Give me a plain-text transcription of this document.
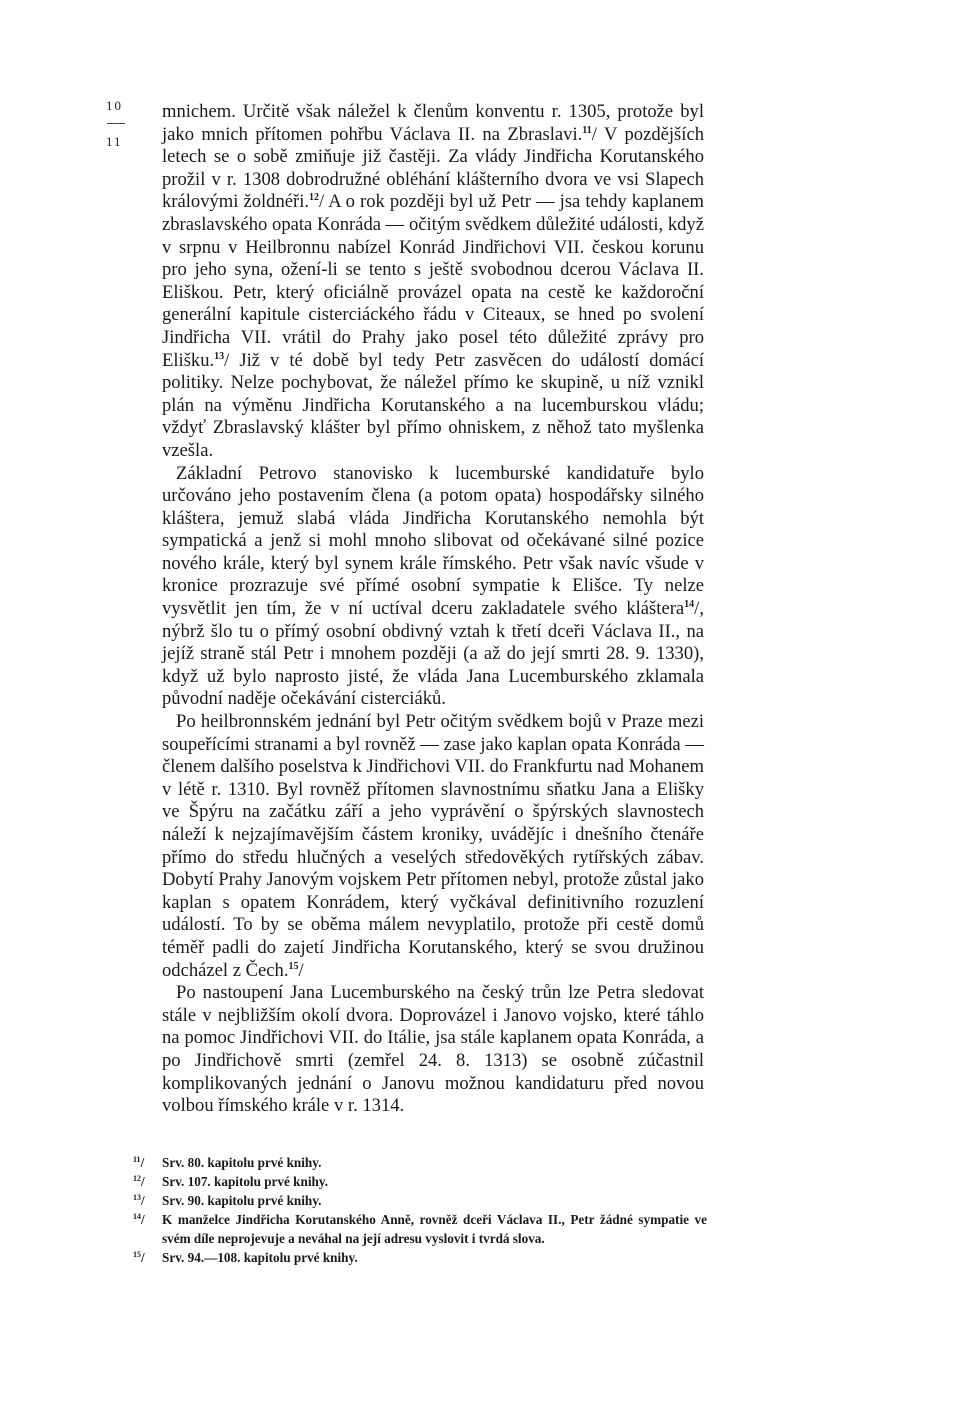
10
11

mnichem. Určitě však náležel k členům konventu r. 1305, protože byl jako mnich přítomen pohřbu Václava II. na Zbraslavi.$^{11}$/ V pozdějších letech se o sobě zmiňuje již častěji. Za vlády Jindřicha Korutanského prožil v r. 1308 dobrodružné obléhání klášterního dvora ve vsi Slapech královými žoldnéři.$^{12}$/ A o rok později byl už Petr — jsa tehdy kaplanem zbraslavského opata Konráda — očitým svědkem důležité události, když v srpnu v Heilbronnu nabízel Konrád Jindřichovi VII. českou korunu pro jeho syna, ožení-li se tento s ještě svobodnou dcerou Václava II. Eliškou. Petr, který oficiálně provázel opata na cestě ke každoroční generální kapitule cisterciáckého řádu v Citeaux, se hned po svolení Jindřicha VII. vrátil do Prahy jako posel této důležité zprávy pro Elišku.$^{13}$/ Již v té době byl tedy Petr zasvěcen do událostí domácí politiky. Nelze pochybovat, že náležel přímo ke skupině, u níž vznikl plán na výměnu Jindřicha Korutanského a na lucemburskou vládu; vždyť Zbraslavský klášter byl přímo ohniskem, z něhož tato myšlenka vzešla.

Základní Petrovo stanovisko k lucemburské kandidatuře bylo určováno jeho postavením člena (a potom opata) hospodářsky silného kláštera, jemuž slabá vláda Jindřicha Korutanského nemohla být sympatická a jenž si mohl mnoho slibovat od očekávané silné pozice nového krále, který byl synem krále římského. Petr však navíc všude v kronice prozrazuje své přímé osobní sympatie k Elišce. Ty nelze vysvětlit jen tím, že v ní uctíval dceru zakladatele svého kláštera$^{14}$/, nýbrž šlo tu o přímý osobní obdivný vztah k třetí dceři Václava II., na jejíž straně stál Petr i mnohem později (a až do její smrti 28. 9. 1330), když už bylo naprosto jisté, že vláda Jana Lucemburského zklamala původní naděje očekávání cisterciáků.

Po heilbronnském jednání byl Petr očitým svědkem bojů v Praze mezi soupeřícími stranami a byl rovněž — zase jako kaplan opata Konráda — členem dalšího poselstva k Jindřichovi VII. do Frankfurtu nad Mohanem v létě r. 1310. Byl rovněž přítomen slavnostnímu sňatku Jana a Elišky ve Špýru na začátku září a jeho vyprávění o špýrských slavnostech náleží k nejzajímavějším částem kroniky, uvádějíc i dnešního čtenáře přímo do středu hlučných a veselých středověkých rytířských zábav. Dobytí Prahy Janovým vojskem Petr přítomen nebyl, protože zůstal jako kaplan s opatem Konrádem, který vyčkával definitivního rozuzlení událostí. To by se oběma málem nevyplatilo, protože při cestě domů téměř padli do zajetí Jindřicha Korutanského, který se svou družinou odcházel z Čech.$^{15}$/

Po nastoupení Jana Lucemburského na český trůn lze Petra sledovat stále v nejbližším okolí dvora. Doprovázel i Janovo vojsko, které táhlo na pomoc Jindřichovi VII. do Itálie, jsa stále kaplanem opata Konráda, a po Jindřichově smrti (zemřel 24. 8. 1313) se osobně zúčastnil komplikovaných jednání o Janovu možnou kandidaturu před novou volbou římského krále v r. 1314.

$^{11}$/	Srv. 80. kapitolu prvé knihy.
$^{12}$/	Srv. 107. kapitolu prvé knihy.
$^{13}$/	Srv. 90. kapitolu prvé knihy.
$^{14}$/	K manželce Jindřicha Korutanského Anně, rovněž dceři Václava II., Petr žádné sympatie ve svém díle neprojevuje a neváhal na její adresu vyslovit i tvrdá slova.
$^{15}$/	Srv. 94.—108. kapitolu prvé knihy.
